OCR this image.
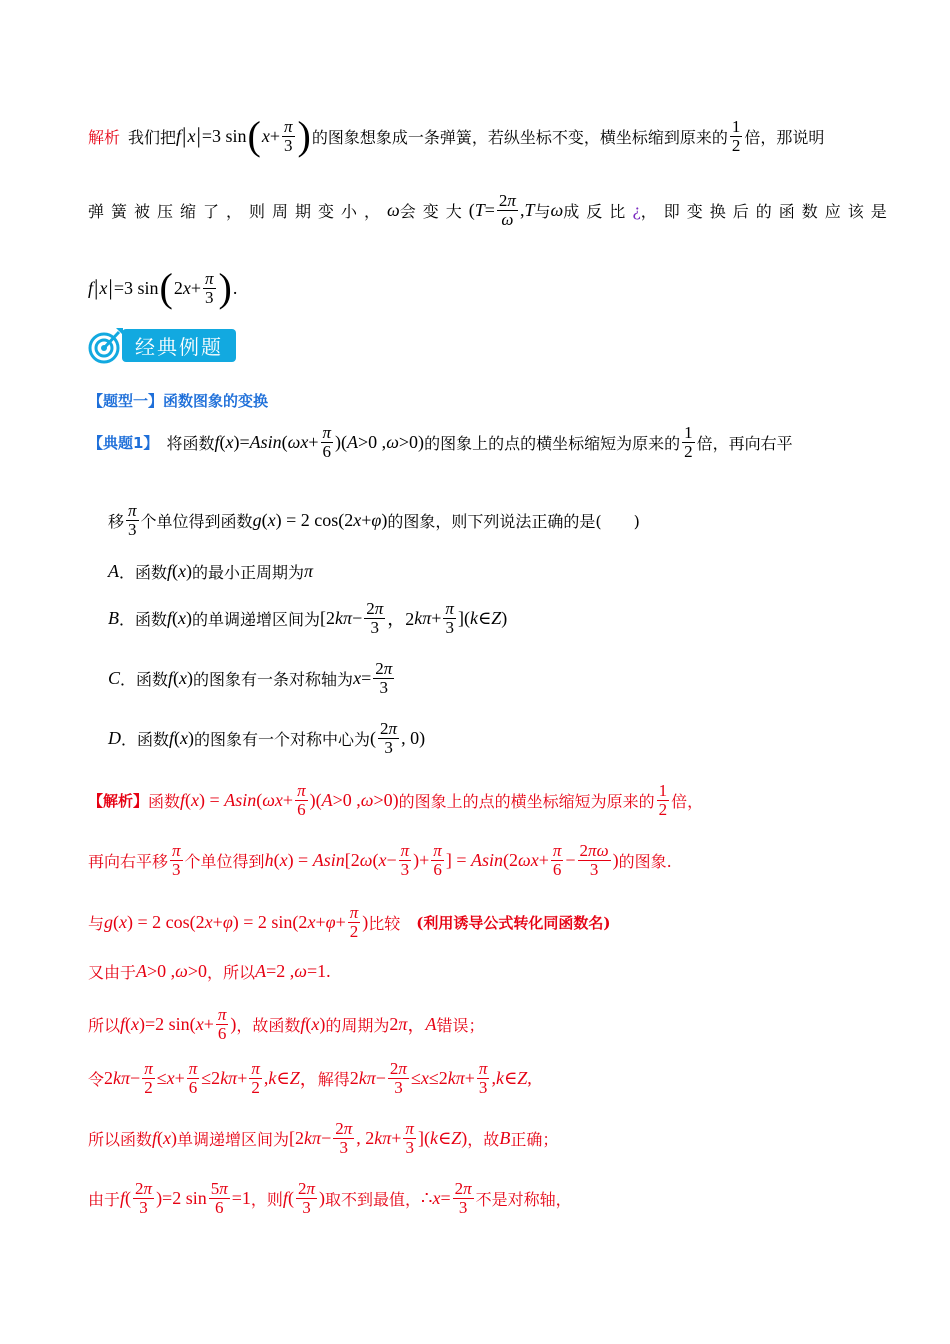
解析 我们把 f | x | =3 sin ( $x + \frac{\pi}{3}$ ) 的图象想象成一条弹簧，若纵坐标不变，横坐标缩到原来的 $\frac{1}{2}$ 倍，那说明
弹簧被压缩了，则周期变小， ω 会变大 ( $T = \frac{2\pi}{\omega}$ , T 与 ω 成反比 ¿ ，即变换后的函数应该是
f | x | =3 sin ( 2 $x + \frac{\pi}{3}$ ) .
经典例题
【题型一】函数图象的变换
【典题1】 将函数 f ( x )= Asin ( $\omega x + \frac{\pi}{6}$ )( A >0 , ω >0) 的图象上的点的横坐标缩短为原来的 $\frac{1}{2}$ 倍，再向右平
移 $\frac{\pi}{3}$ 个单位得到函数 g ( x ) = 2 cos(2 x + φ ) 的图象，则下列说法正确的是(　　)
A ．函数 f ( x ) 的最小正周期为 π
B ．函数 f ( x ) 的单调递增区间为 [2 $k\pi - \frac{2\pi}{3}$ ，2 $k\pi + \frac{\pi}{3}$ ]( k ∈ Z )
C ．函数 f ( x ) 的图象有一条对称轴为 $x = \frac{2\pi}{3}$
D ．函数 f ( x ) 的图象有一个对称中心为 ( $\frac{2\pi}{3}$ , 0)
【解析】 函数 f ( x ) = Asin ( $\omega x + \frac{\pi}{6}$ )( A >0 , ω >0) 的图象上的点的横坐标缩短为原来的 $\frac{1}{2}$ 倍，
再向右平移 $\frac{\pi}{3}$ 个单位得到 h ( x ) = Asin [2 ω ( $x - \frac{\pi}{3}$ )+ $\frac{\pi}{6}$ ] = Asin (2 $\omega x + \frac{\pi}{6} - \frac{2\pi\omega}{3}$ ) 的图象.
与 g ( x ) = 2 cos(2 x + φ ) = 2 sin(2 $x + \varphi + \frac{\pi}{2}$ ) 比较 (利用诱导公式转化同函数名)
又由于 A >0 , ω >0 ，所以 A =2 , ω =1.
所以 f ( x )=2 sin( $x + \frac{\pi}{6}$ ) ，故函数 f ( x ) 的周期为 2 π ， A 错误；
令 2 $k\pi - \frac{\pi}{2} \le x + \frac{\pi}{6} \le 2$ $k\pi + \frac{\pi}{2}$ , k ∈ Z ， 解得 2 $k\pi - \frac{2\pi}{3} \le x \le 2$ $k\pi + \frac{\pi}{3}$ , k ∈ Z ,
所以函数 f ( x ) 单调递增区间为 [2 $k\pi - \frac{2\pi}{3}$ , 2 $k\pi + \frac{\pi}{3}$ ]( k ∈ Z ) ，故 B 正确；
由于 f ( $\frac{2\pi}{3} )=2$ $\sin \frac{5\pi}{6} =1$ ，则 f ( $\frac{2\pi}{3}$ ) 取不到最值， ∴ $x = \frac{2\pi}{3}$ 不是对称轴，
